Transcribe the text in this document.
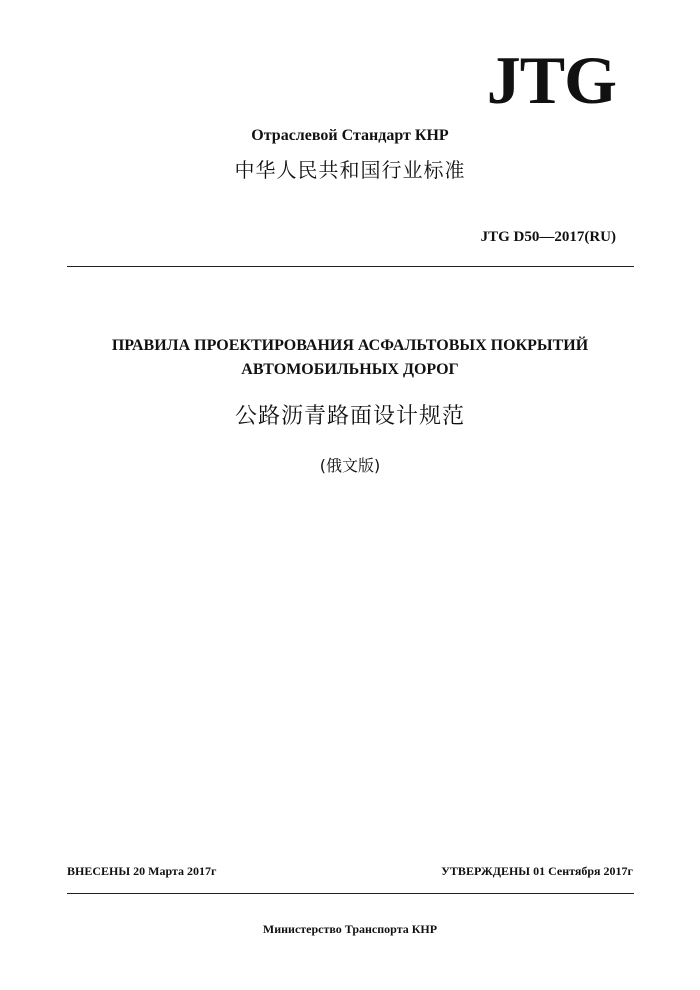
JTG
Отраслевой Стандарт КНР
中华人民共和国行业标准
JTG D50—2017(RU)
ПРАВИЛА ПРОЕКТИРОВАНИЯ АСФАЛЬТОВЫХ ПОКРЫТИЙ
АВТОМОБИЛЬНЫХ ДОРОГ
公路沥青路面设计规范
(俄文版)
ВНЕСЕНЫ 20 Марта 2017г	УТВЕРЖДЕНЫ 01 Сентября 2017г
Министерство Транспорта КНР
